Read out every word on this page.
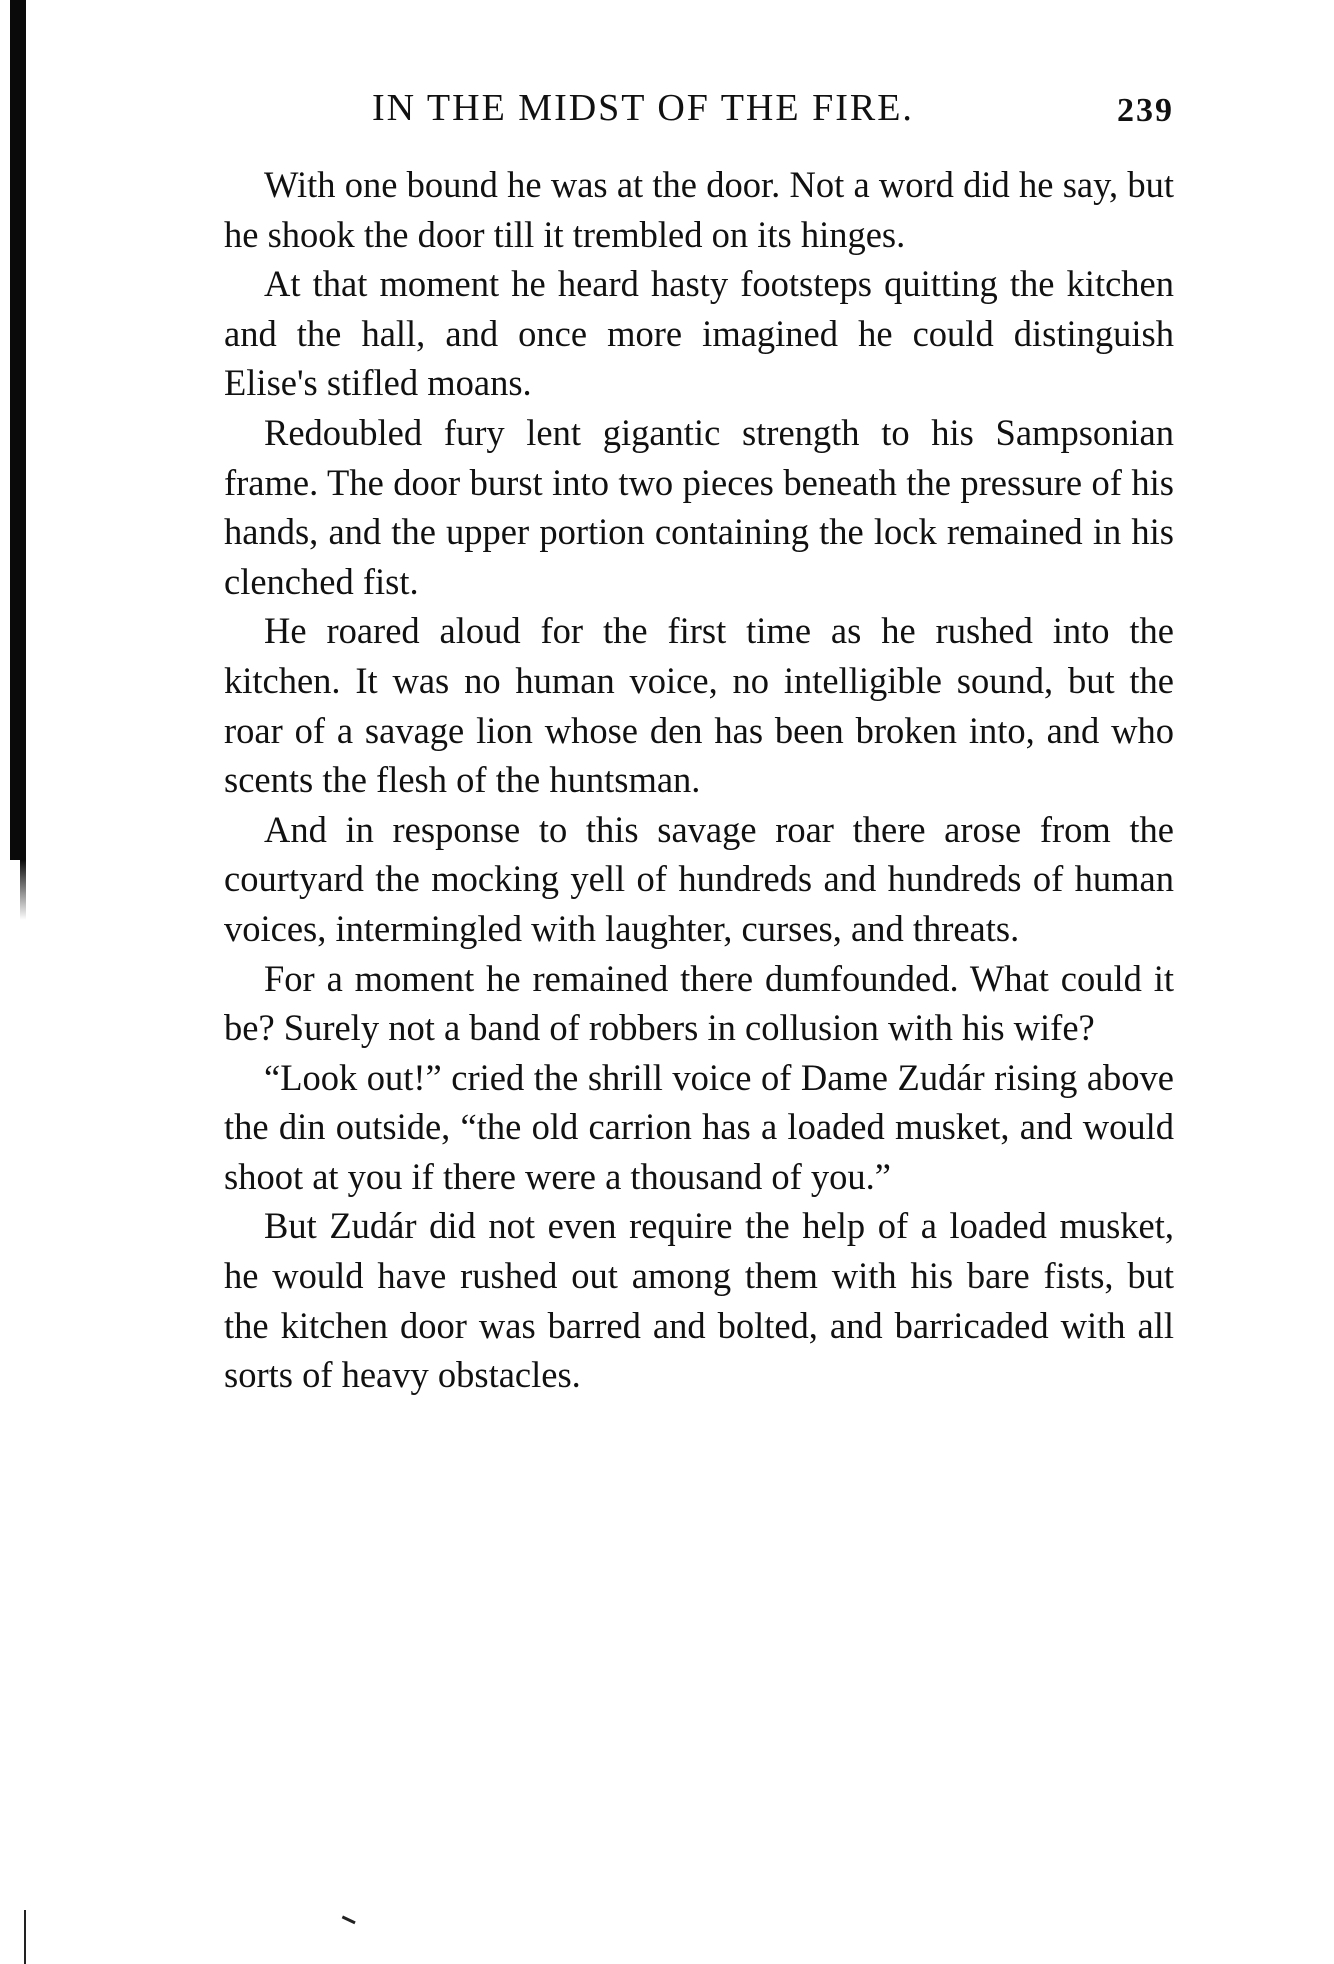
IN THE MIDST OF THE FIRE.	239

With one bound he was at the door. Not a word did he say, but he shook the door till it trembled on its hinges.

At that moment he heard hasty footsteps quitting the kitchen and the hall, and once more imagined he could distinguish Elise's stifled moans.

Redoubled fury lent gigantic strength to his Sampsonian frame. The door burst into two pieces beneath the pressure of his hands, and the upper portion containing the lock remained in his clenched fist.

He roared aloud for the first time as he rushed into the kitchen. It was no human voice, no intelligible sound, but the roar of a savage lion whose den has been broken into, and who scents the flesh of the huntsman.

And in response to this savage roar there arose from the courtyard the mocking yell of hundreds and hundreds of human voices, intermingled with laughter, curses, and threats.

For a moment he remained there dumfounded. What could it be? Surely not a band of robbers in collusion with his wife?

“Look out!” cried the shrill voice of Dame Zudár rising above the din outside, “the old carrion has a loaded musket, and would shoot at you if there were a thousand of you.”

But Zudár did not even require the help of a loaded musket, he would have rushed out among them with his bare fists, but the kitchen door was barred and bolted, and barricaded with all sorts of heavy obstacles.
